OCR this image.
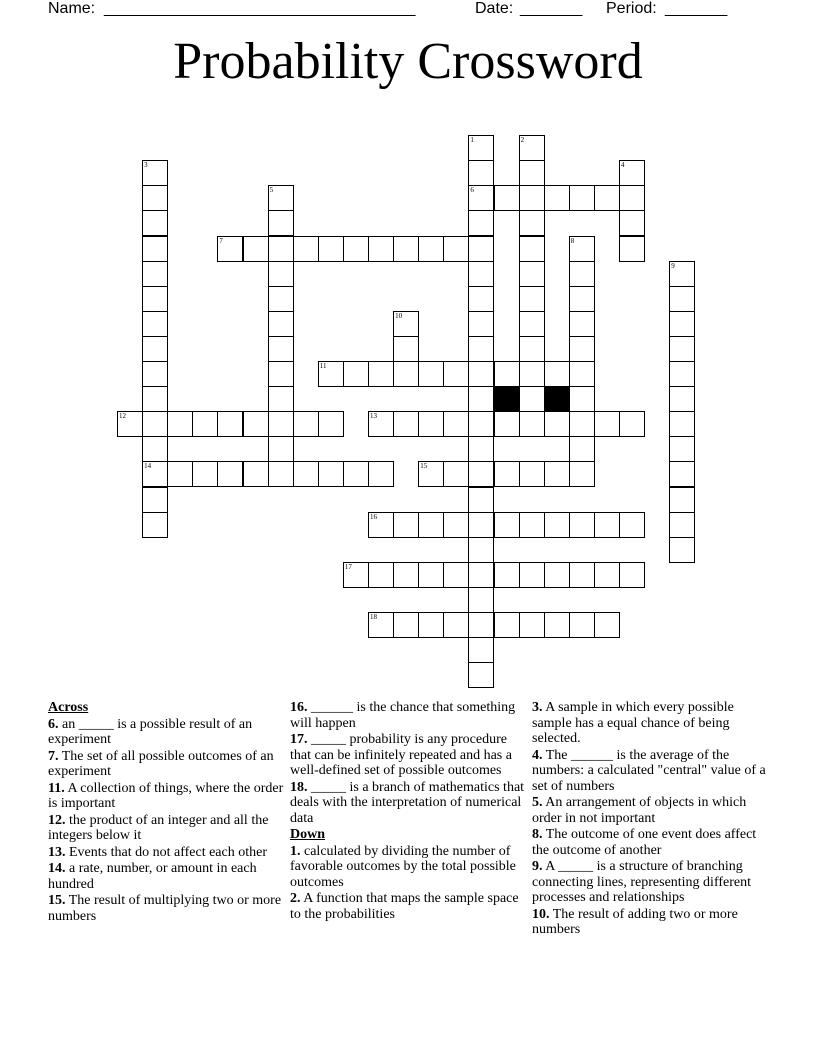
Name: ___________________________________	Date: _______ Period: _______
Probability Crossword
6
7
11
12	13
14	15
16
17
18
1	2
3	4
5
8
9
10
Across
6. an _____ is a possible result of an experiment
7. The set of all possible outcomes of an experiment
11. A collection of things, where the order is important
12. the product of an integer and all the integers below it
13. Events that do not affect each other
14. a rate, number, or amount in each hundred
15. The result of multiplying two or more numbers
16. ______ is the chance that something will happen
17. _____ probability is any procedure that can be infinitely repeated and has a well-defined set of possible outcomes
18. _____ is a branch of mathematics that deals with the interpretation of numerical data
Down
1. calculated by dividing the number of favorable outcomes by the total possible outcomes
2. A function that maps the sample space to the probabilities
3. A sample in which every possible sample has a equal chance of being selected.
4. The ______ is the average of the numbers: a calculated "central" value of a set of numbers
5. An arrangement of objects in which order in not important
8. The outcome of one event does affect the outcome of another
9. A _____ is a structure of branching connecting lines, representing different processes and relationships
10. The result of adding two or more numbers
